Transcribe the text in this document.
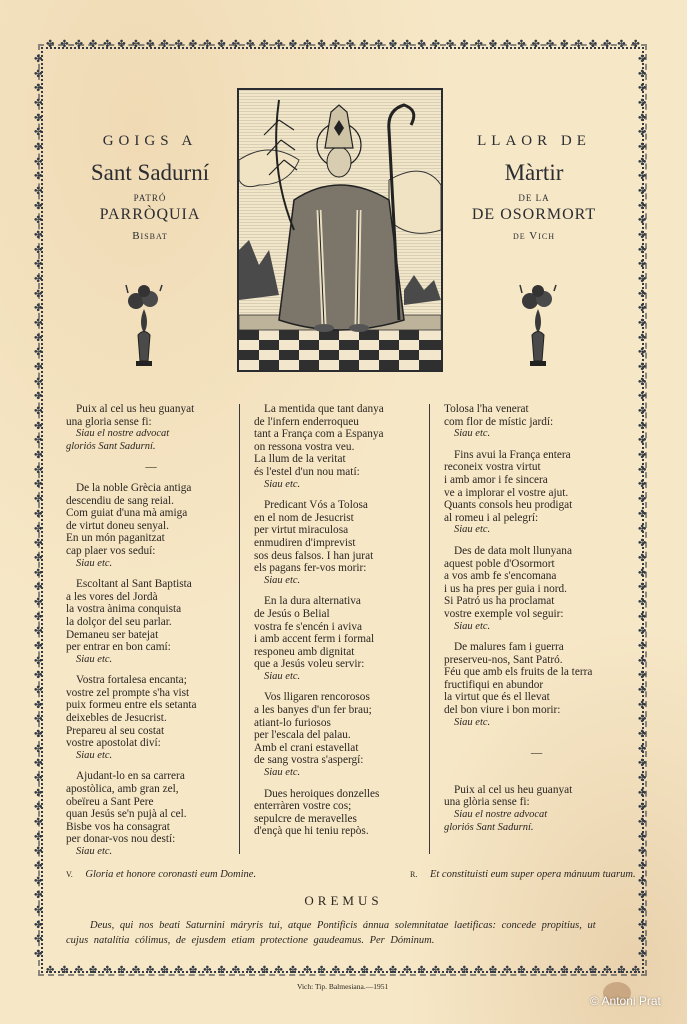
✤ ✤ ✤ ✤ ✤ ✤ ✤ ✤ ✤ ✤ ✤ ✤ ✤ ✤ ✤ ✤ ✤ ✤ ✤ ✤ ✤ ✤ ✤ ✤ ✤ ✤ ✤ ✤ ✤ ✤ ✤ ✤ ✤ ✤ ✤ ✤ ✤ ✤ ✤ ✤ ✤ ✤
✤ ✤ ✤ ✤ ✤ ✤ ✤ ✤ ✤ ✤ ✤ ✤ ✤ ✤ ✤ ✤ ✤ ✤ ✤ ✤ ✤ ✤ ✤ ✤ ✤ ✤ ✤ ✤ ✤ ✤ ✤ ✤ ✤ ✤ ✤ ✤ ✤ ✤ ✤ ✤ ✤ ✤
✤
✤
✤
✤
✤
✤
✤
✤
✤
✤
✤
✤
✤
✤
✤
✤
✤
✤
✤
✤
✤
✤
✤
✤
✤
✤
✤
✤
✤
✤
✤
✤
✤
✤
✤
✤
✤
✤
✤
✤
✤
✤
✤
✤
✤
✤
✤
✤
✤
✤
✤
✤
✤
✤
✤
✤
✤
✤
✤
✤
✤
✤
✤
✤
✤
✤
✤
✤
✤
✤
✤
✤
✤
✤
✤
✤
✤
✤
✤
✤
✤
✤
✤
✤
✤
✤
✤
✤
✤
✤
✤
✤
✤
✤
✤
✤
✤
✤
✤
✤
✤
✤
✤
✤
✤
✤
✤
✤
✤
✤
✤
✤
✤
✤
✤
✤
✤
✤
✤
✤
✤
✤
✤
✤
GOIGS A
Sant Sadurní
PATRÓ
PARRÒQUIA
Bisbat
LLAOR DE
Màrtir
DE LA
DE OSORMORT
de Vich
Puix al cel us heu guanyat
una gloria sense fi:
Siau el nostre advocat
gloriós Sant Sadurní.
—
De la noble Grècia antiga
descendiu de sang reial.
Com guiat d'una mà amiga
de virtut doneu senyal.
En un món paganitzat
cap plaer vos seduí:
Siau etc.
Escoltant al Sant Baptista
a les vores del Jordà
la vostra ànima conquista
la dolçor del seu parlar.
Demaneu ser batejat
per entrar en bon camí:
Siau etc.
Vostra fortalesa encanta;
vostre zel prompte s'ha vist
puix formeu entre els setanta
deixebles de Jesucrist.
Prepareu al seu costat
vostre apostolat diví:
Siau etc.
Ajudant-lo en sa carrera
apostòlica, amb gran zel,
obeïreu a Sant Pere
quan Jesús se'n pujà al cel.
Bisbe vos ha consagrat
per donar-vos nou destí:
Siau etc.
La mentida que tant danya
de l'infern enderroqueu
tant a França com a Espanya
on ressona vostra veu.
La llum de la veritat
és l'estel d'un nou matí:
Siau etc.
Predicant Vós a Tolosa
en el nom de Jesucrist
per virtut miraculosa
enmudiren d'imprevist
sos deus falsos. I han jurat
els pagans fer-vos morir:
Siau etc.
En la dura alternativa
de Jesús o Belial
vostra fe s'encén i aviva
i amb accent ferm i formal
responeu amb dignitat
que a Jesús voleu servir:
Siau etc.
Vos lligaren rencorosos
a les banyes d'un fer brau;
atiant-lo furiosos
per l'escala del palau.
Amb el crani estavellat
de sang vostra s'aspergí:
Siau etc.
Dues heroiques donzelles
enterràren vostre cos;
sepulcre de meravelles
d'ençà que hi teniu repòs.
Tolosa l'ha venerat
com flor de místic jardí:
Siau etc.
Fins avui la França entera
reconeix vostra virtut
i amb amor i fe sincera
ve a implorar el vostre ajut.
Quants consols heu prodigat
al romeu i al pelegrí:
Siau etc.
Des de data molt llunyana
aquest poble d'Osormort
a vos amb fe s'encomana
i us ha pres per guia i nord.
Si Patró us ha proclamat
vostre exemple vol seguir:
Siau etc.
De malures fam i guerra
preserveu-nos, Sant Patró.
Féu que amb els fruits de la terra
fructifiqui en abundor
la virtut que és el llevat
del bon viure i bon morir:
Siau etc.
—
Puix al cel us heu guanyat
una glòria sense fi:
Siau el nostre advocat
gloriós Sant Sadurní.
V. Gloria et honore coronasti eum Domine.	R. Et constituisti eum super opera mánuum tuarum.
OREMUS
Deus, qui nos beati Saturnini máryris tui, atque Pontificis ánnua solemnitatae laetificas: concede propitius, ut cujus natalítia cólimus, de ejusdem etiam protectione gaudeamus. Per Dóminum.
Vich: Tip. Balmesiana.—1951
© Antoni Prat
